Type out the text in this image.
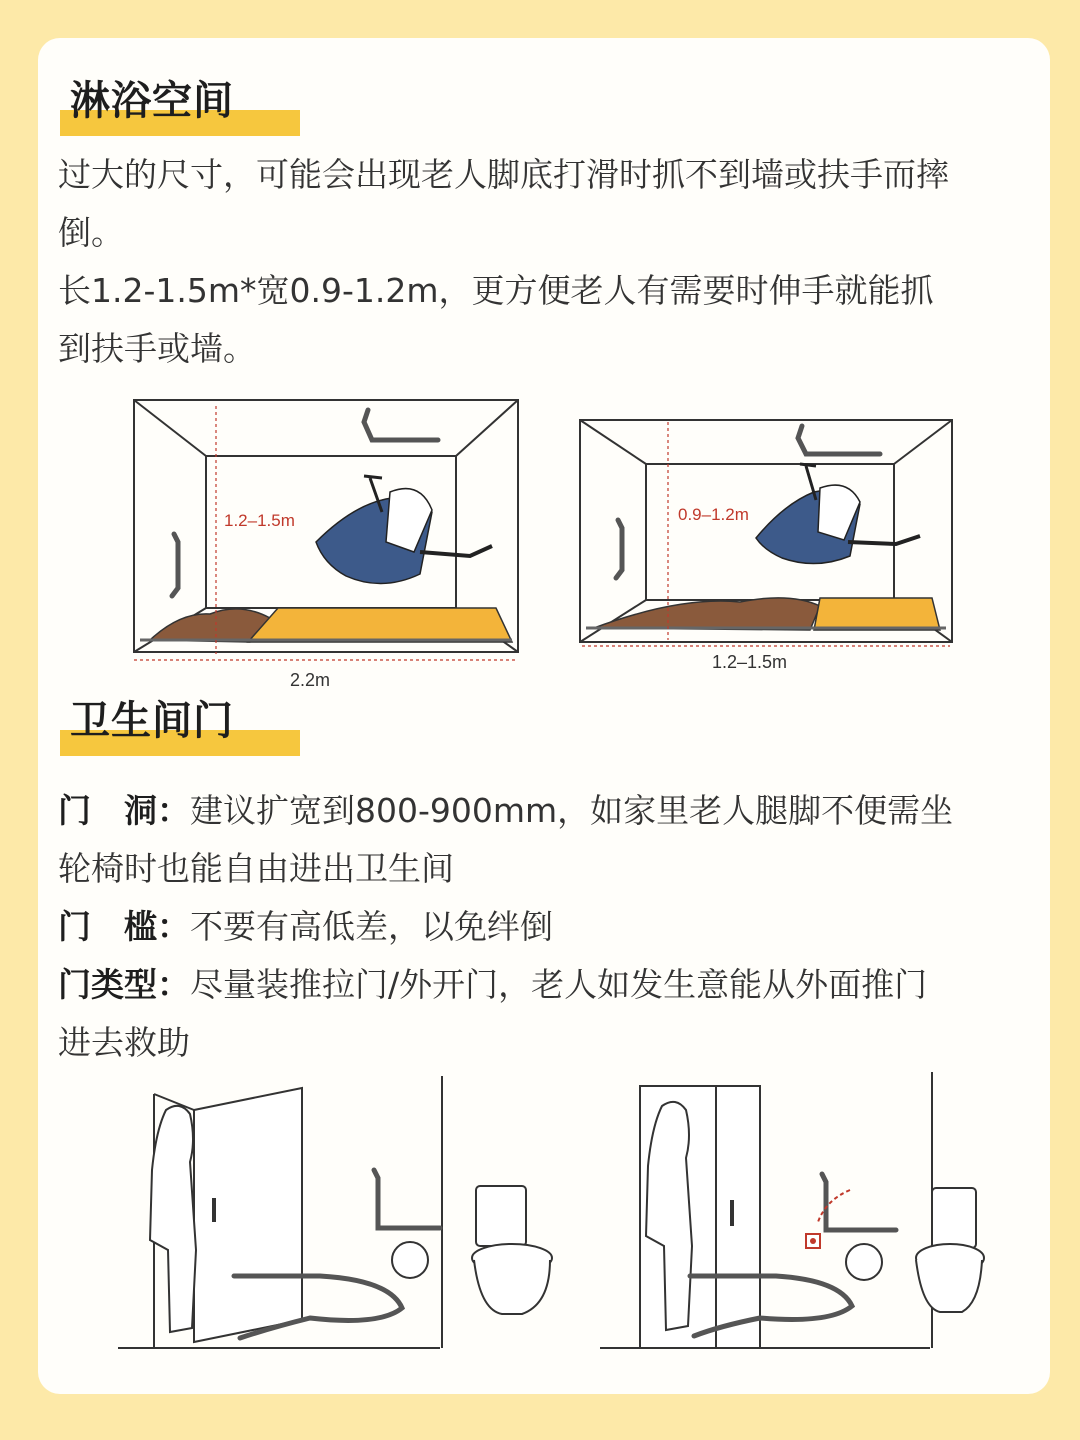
淋浴空间

过大的尺寸，可能会出现老人脚底打滑时抓不到墙或扶手而摔倒。

长1.2-1.5m*宽0.9-1.2m，更方便老人有需要时伸手就能抓到扶手或墙。

1.2–1.5m
2.2m
0.9–1.2m
1.2–1.5m
卫生间门

门　洞：建议扩宽到800-900mm，如家里老人腿脚不便需坐轮椅时也能自由进出卫生间

门　槛：不要有高低差，以免绊倒

门类型：尽量装推拉门/外开门，老人如发生意能从外面推门进去救助
